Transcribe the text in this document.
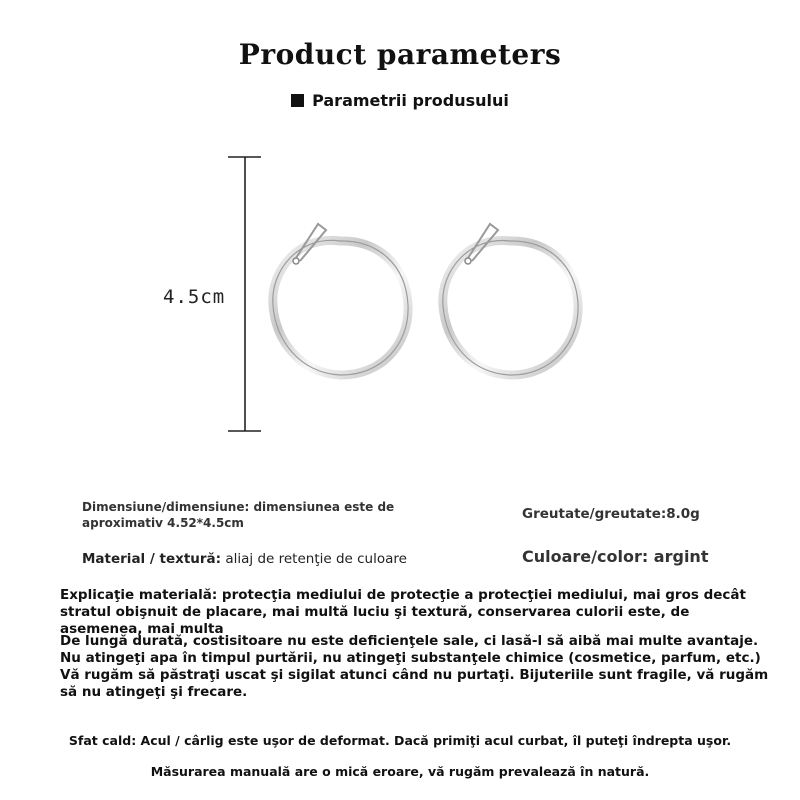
Product parameters
Parametrii produsului
4.5cm
Dimensiune/dimensiune: dimensiunea este de aproximativ 4.52*4.5cm
Greutate/greutate:8.0g
Material / textură: aliaj de retenţie de culoare	Culoare/color: argint
Explicaţie materială: protecţia mediului de protecţie a protecţiei mediului, mai gros decât stratul obişnuit de placare, mai multă luciu şi textură, conservarea culorii este, de asemenea, mai multa
De lungă durată, costisitoare nu este deficienţele sale, ci lasă-l să aibă mai multe avantaje. Nu atingeţi apa în timpul purtării, nu atingeţi substanţele chimice (cosmetice, parfum, etc.) Vă rugăm să păstraţi uscat şi sigilat atunci când nu purtaţi. Bijuteriile sunt fragile, vă rugăm să nu atingeţi şi frecare.
Sfat cald: Acul / cârlig este uşor de deformat. Dacă primiţi acul curbat, îl puteţi îndrepta uşor.
Măsurarea manuală are o mică eroare, vă rugăm prevalează în natură.
